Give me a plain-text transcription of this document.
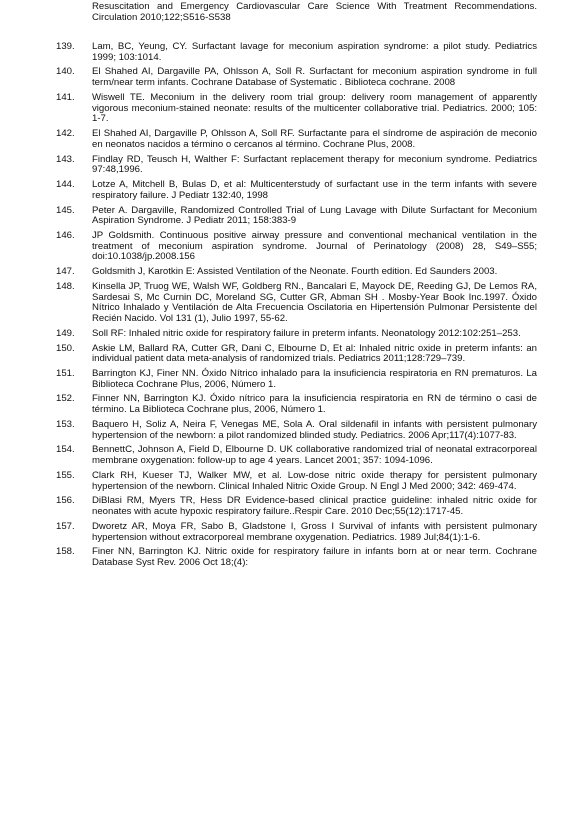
Resuscitation and Emergency Cardiovascular Care Science With Treatment Recommendations. Circulation 2010;122;S516-S538
139.	Lam, BC, Yeung, CY. Surfactant lavage for meconium aspiration syndrome: a pilot study. Pediatrics 1999; 103:1014.
140.	El Shahed AI, Dargaville PA, Ohlsson A, Soll R. Surfactant for meconium aspiration syndrome in full term/near term infants. Cochrane Database of Systematic . Biblioteca cochrane. 2008
141.	Wiswell TE. Meconium in the delivery room trial group: delivery room management of apparently vigorous meconium-stained neonate: results of the multicenter collaborative trial. Pediatrics. 2000; 105: 1-7.
142.	El Shahed AI, Dargaville P, Ohlsson A, Soll RF. Surfactante para el síndrome de aspiración de meconio en neonatos nacidos a término o cercanos al término. Cochrane Plus, 2008.
143.	Findlay RD, Teusch H, Walther F: Surfactant replacement therapy for meconium syndrome. Pediatrics 97:48,1996.
144.	Lotze A, Mitchell B, Bulas D, et al: Multicenterstudy of surfactant use in the term infants with severe respiratory failure. J Pediatr 132:40, 1998
145.	Peter A. Dargaville, Randomized Controlled Trial of Lung Lavage with Dilute Surfactant for Meconium Aspiration Syndrome. J Pediatr 2011; 158:383-9
146.	JP Goldsmith. Continuous positive airway pressure and conventional mechanical ventilation in the treatment of meconium aspiration syndrome. Journal of Perinatology (2008) 28, S49–S55; doi:10.1038/jp.2008.156
147.	Goldsmith J, Karotkin E: Assisted Ventilation of the Neonate. Fourth edition. Ed Saunders 2003.
148.	Kinsella JP, Truog WE, Walsh WF, Goldberg RN., Bancalari E, Mayock DE, Reeding GJ, De Lemos RA, Sardesai S, Mc Curnin DC, Moreland SG, Cutter GR, Abman SH . Mosby-Year Book Inc.1997. Óxido Nítrico Inhalado y Ventilación de Alta Frecuencia Oscilatoria en Hipertensión Pulmonar Persistente del Recién Nacido. Vol 131 (1), Julio 1997, 55-62.
149.	Soll RF: Inhaled nitric oxide for respiratory failure in preterm infants. Neonatology 2012:102:251–253.
150.	Askie LM, Ballard RA, Cutter GR, Dani C, Elbourne D, Et al: Inhaled nitric oxide in preterm infants: an individual patient data meta-analysis of randomized trials. Pediatrics 2011;128:729–739.
151.	Barrington KJ, Finer NN. Óxido Nítrico inhalado para la insuficiencia respiratoria en RN prematuros. La Biblioteca Cochrane Plus, 2006, Número 1.
152.	Finner NN, Barrington KJ. Óxido nítrico para la insuficiencia respiratoria en RN de término o casi de término. La Biblioteca Cochrane plus, 2006, Número 1.
153.	Baquero H, Soliz A, Neira F, Venegas ME, Sola A. Oral sildenafil in infants with persistent pulmonary hypertension of the newborn: a pilot randomized blinded study. Pediatrics. 2006 Apr;117(4):1077-83.
154.	BennettC, Johnson A, Field D, Elbourne D. UK collaborative randomized trial of neonatal extracorporeal membrane oxygenation: follow-up to age 4 years. Lancet 2001; 357: 1094-1096.
155.	Clark RH, Kueser TJ, Walker MW, et al. Low-dose nitric oxide therapy for persistent pulmonary hypertension of the newborn. Clinical Inhaled Nitric Oxide Group. N Engl J Med 2000; 342: 469-474.
156.	DiBlasi RM, Myers TR, Hess DR Evidence-based clinical practice guideline: inhaled nitric oxide for neonates with acute hypoxic respiratory failure..Respir Care. 2010 Dec;55(12):1717-45.
157.	Dworetz AR, Moya FR, Sabo B, Gladstone I, Gross I Survival of infants with persistent pulmonary hypertension without extracorporeal membrane oxygenation. Pediatrics. 1989 Jul;84(1):1-6.
158.	Finer NN, Barrington KJ. Nitric oxide for respiratory failure in infants born at or near term. Cochrane Database Syst Rev. 2006 Oct 18;(4):
